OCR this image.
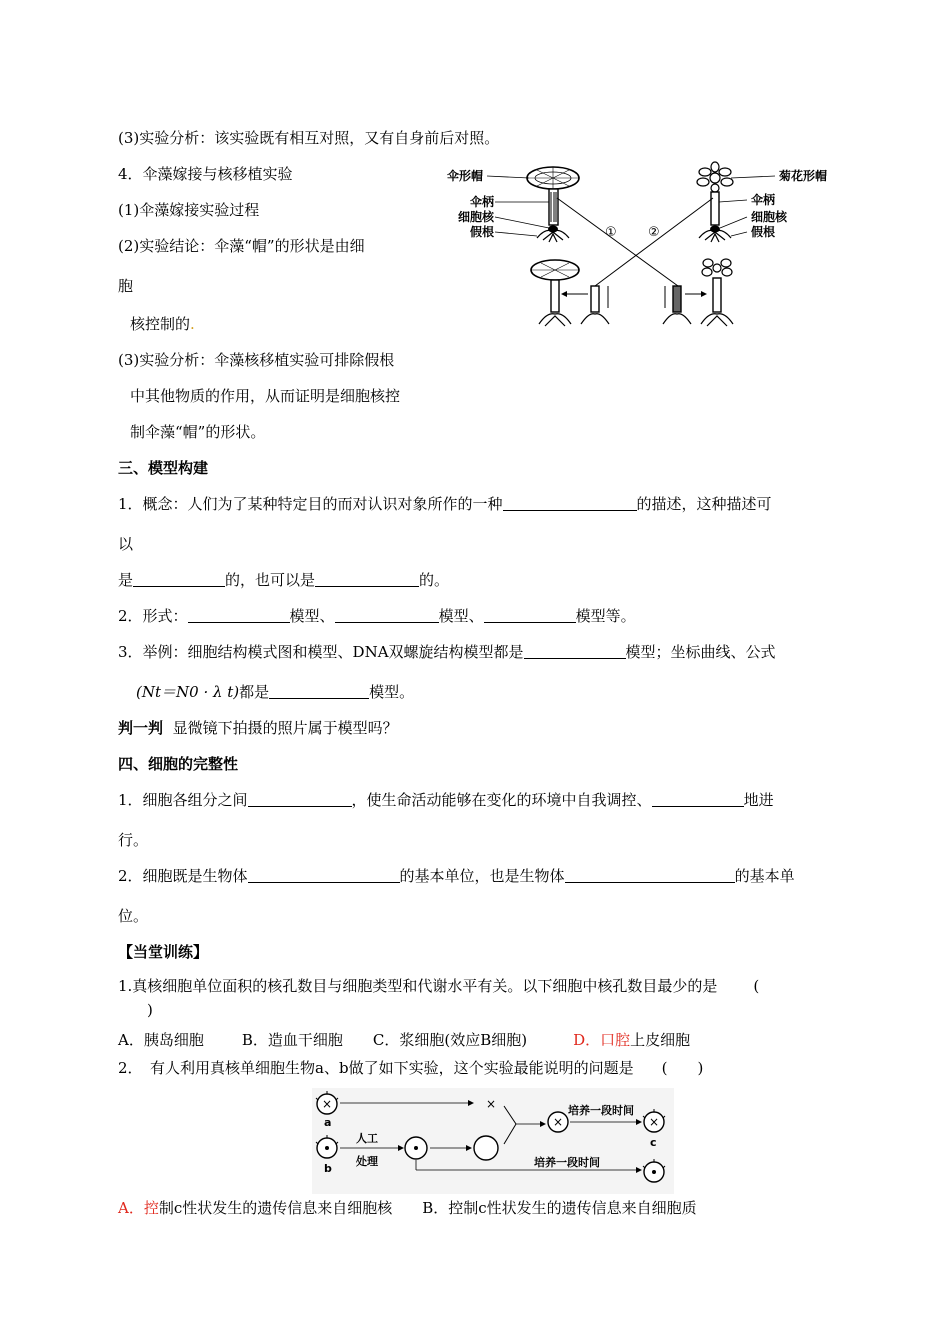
(3)实验分析：该实验既有相互对照，又有自身前后对照。
4．伞藻嫁接与核移植实验
(1)伞藻嫁接实验过程
(2)实验结论：伞藻“帽”的形状是由细
胞
核控制的.
(3)实验分析：伞藻核移植实验可排除假根
中其他物质的作用，从而证明是细胞核控
制伞藻“帽”的形状。
伞形帽
伞柄
细胞核
假根
菊花形帽
伞柄
细胞核
假根
① ②
三、模型构建
1．概念：人们为了某种特定目的而对认识对象所作的一种	的描述，这种描述可
以
是	的，也可以是	的。
2．形式：	模型、	模型、	模型等。
3．举例：细胞结构模式图和模型、DNA双螺旋结构模型都是	模型；坐标曲线、公式
(Nt＝N0 · λ t)都是	模型。
判一判 显微镜下拍摄的照片属于模型吗？
四、细胞的完整性
1．细胞各组分之间	，使生命活动能够在变化的环境中自我调控、	地进
行。
2．细胞既是生物体	的基本单位，也是生物体	的基本单
位。
【当堂训练】
1.真核细胞单位面积的核孔数目与细胞类型和代谢水平有关。以下细胞中核孔数目最少的是 (
)
A．胰岛细胞	B．造血干细胞 C．浆细胞(效应B细胞)	D．口腔上皮细胞
2．　有人利用真核单细胞生物a、b做了如下实验，这个实验最能说明的问题是 (　　)
×
a
×
b
人工
处理
×
培养一段时间
×
c
培养一段时间
A．控制c性状发生的遗传信息来自细胞核 B．控制c性状发生的遗传信息来自细胞质
